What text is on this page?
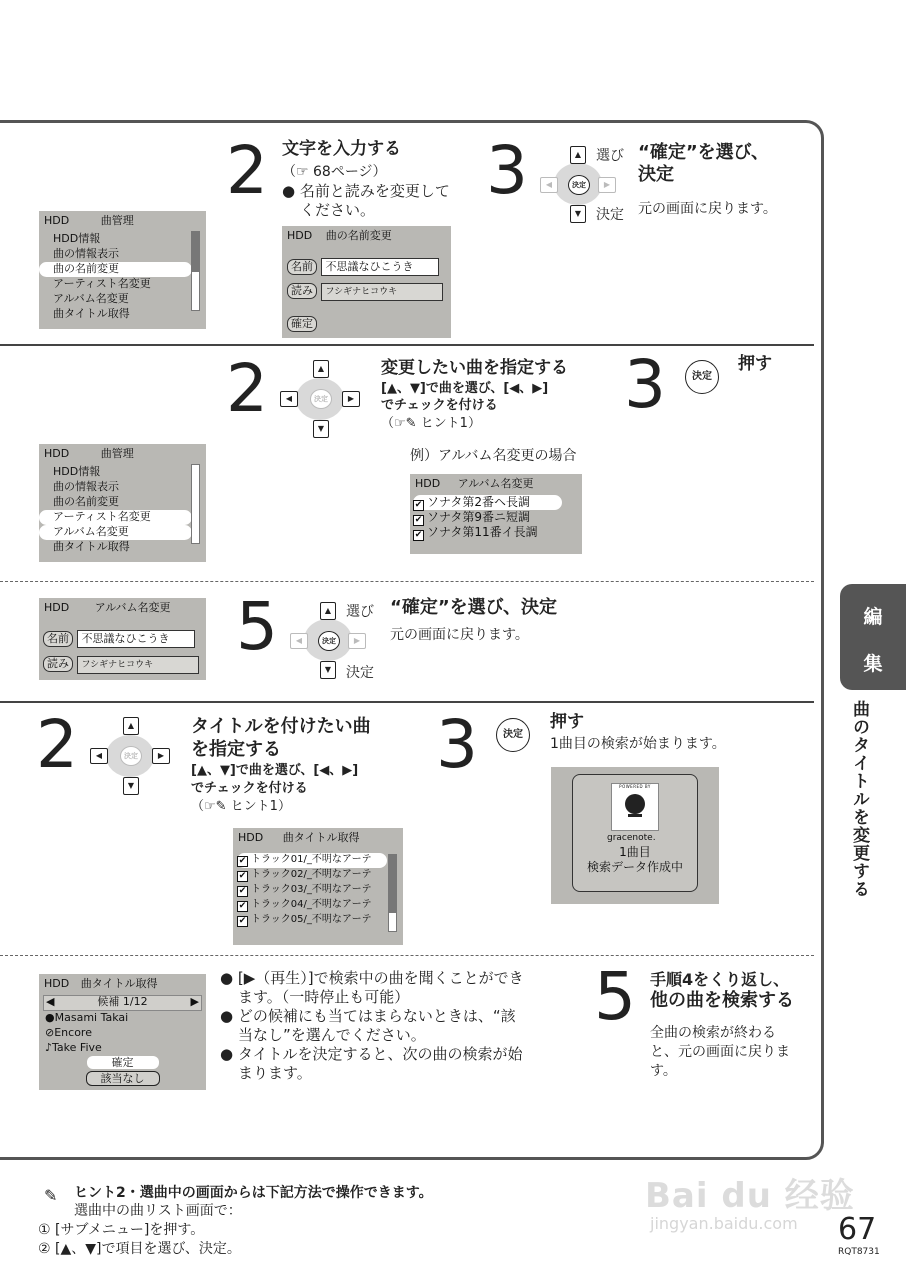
2 文字を入力する
（☞ 68ページ）
● 名前と読みを変更して
ください。
HDD	曲管理
HDD情報
曲の情報表示
曲の名前変更
アーティスト名変更
アルバム名変更
曲タイトル取得
HDD 曲の名前変更
名前 不思議なひこうき
読み フシギナヒコウキ
確定
3	▲
▼
◀	▶
決定
選び
決定
“確定”を選び、
決定
元の画面に戻ります。
2	▲
▼
◀	▶
決定
変更したい曲を指定する
[▲、▼]で曲を選び、[◀、▶]
でチェックを付ける
（☞✎ ヒント1）
3	決定
押す
例）アルバム名変更の場合
HDD	曲管理
HDD情報
曲の情報表示
曲の名前変更
アーティスト名変更
アルバム名変更
曲タイトル取得
HDD アルバム名変更
✔ ソナタ第2番ヘ長調
✔ ソナタ第9番ニ短調
✔ ソナタ第11番イ長調
HDD アルバム名変更
名前 不思議なひこうき
読み フシギナヒコウキ	5	▲
▼
◀	▶
決定
選び
決定
“確定”を選び、決定
元の画面に戻ります。
2	▲
▼
◀	▶
決定
タイトルを付けたい曲
を指定する
[▲、▼]で曲を選び、[◀、▶]
でチェックを付ける
（☞✎ ヒント1）
HDD 曲タイトル取得
✔ トラック01/_不明なアーテ
✔ トラック02/_不明なアーテ
✔ トラック03/_不明なアーテ
✔ トラック04/_不明なアーテ
✔ トラック05/_不明なアーテ
3	決定
押す
1曲目の検索が始まります。
POWERED BY
gracenote.
1曲目
検索データ作成中
HDD 曲タイトル取得
◀	候補 1/12	▶
●Masami Takai
⊘Encore
♪Take Five
確定
該当なし
● [▶（再生）]で検索中の曲を聞くことができ
ます。（一時停止も可能）
● どの候補にも当てはまらないときは、“該
当なし”を選んでください。
● タイトルを決定すると、次の曲の検索が始
まります。
5 手順4をくり返し、
他の曲を検索する
全曲の検索が終わる
と、元の画面に戻りま
す。
編
集
曲のタイトルを変更する
✎ ヒント2・選曲中の画面からは下記方法で操作できます。
選曲中の曲リスト画面で：
① [サブメニュー]を押す。
② [▲、▼]で項目を選び、決定。
Bai du 经验
jingyan.baidu.com 67
RQT8731
